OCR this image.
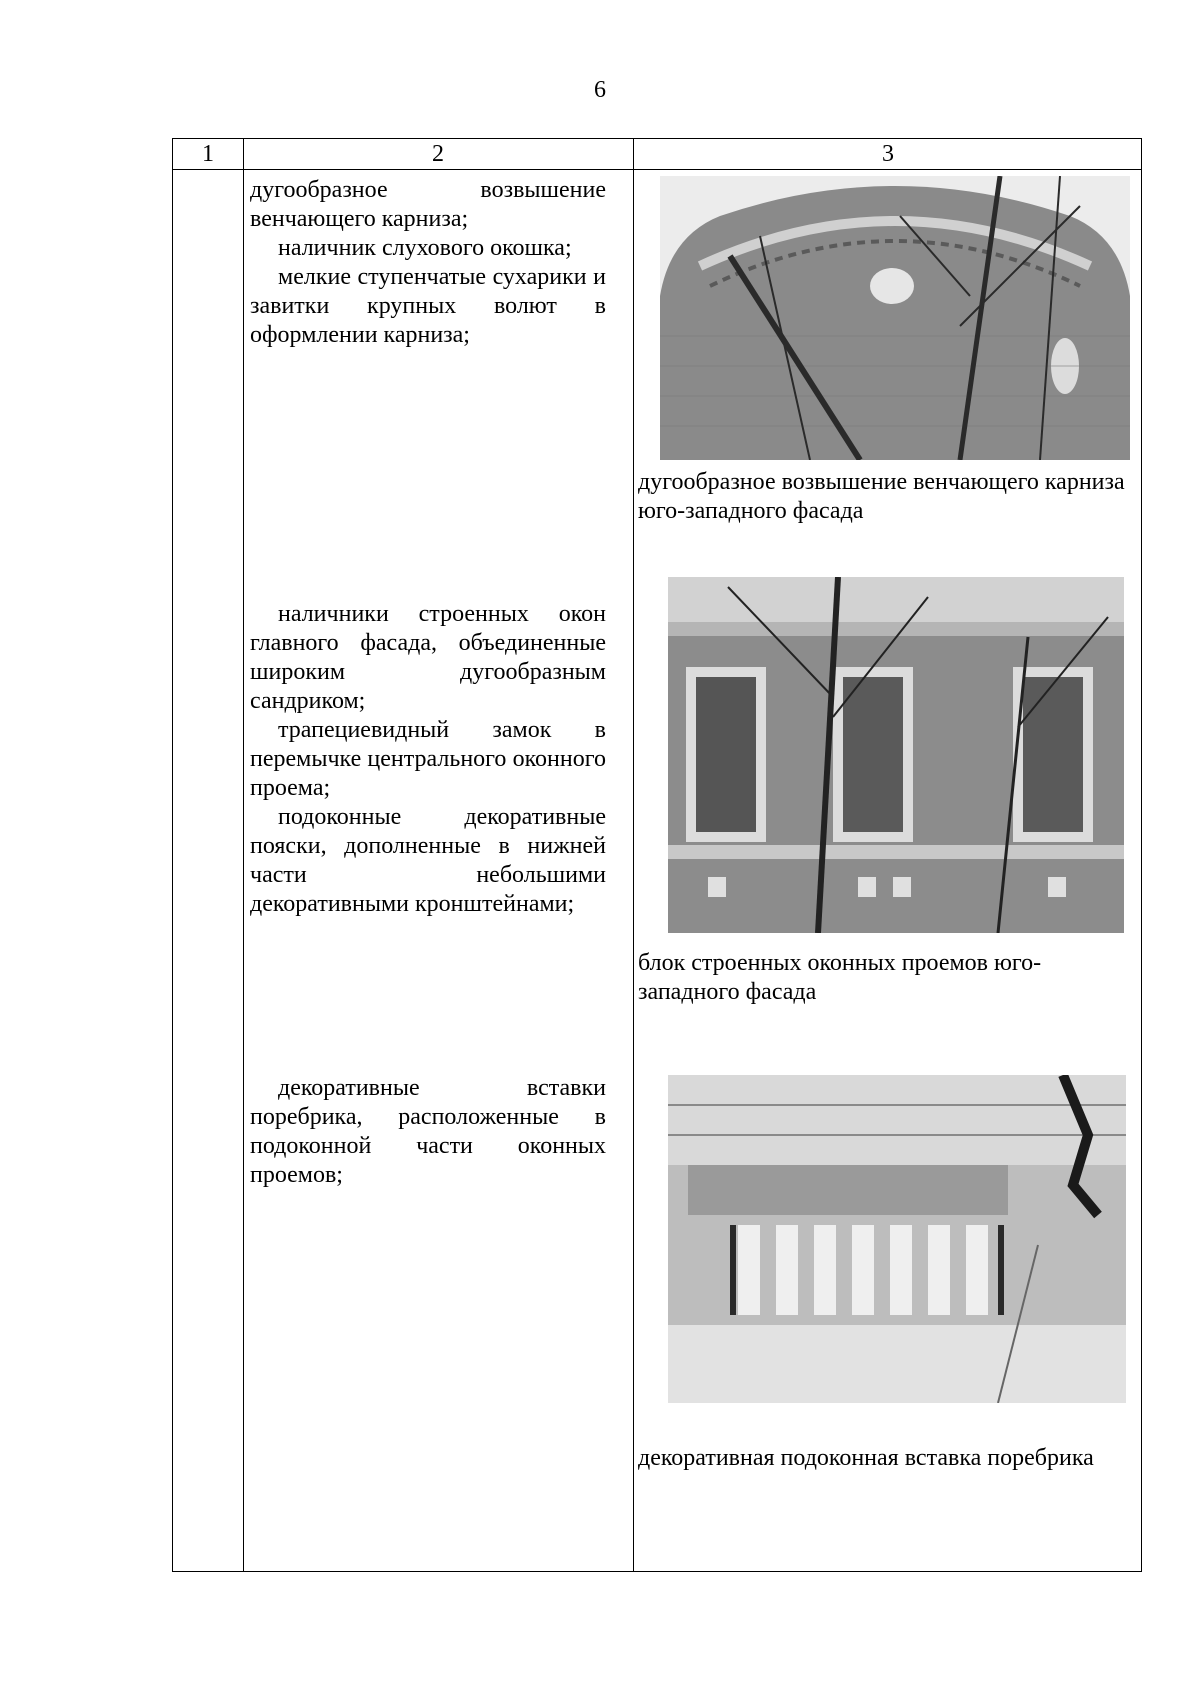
6
1	2	3

дугообразное возвышение венчающего карниза;

наличник слухового окошка;

мелкие ступенчатые сухарики и завитки крупных волют в оформлении карниза;

дугообразное возвышение венчающего карниза юго-западного фасада

наличники строенных окон главного фасада, объединенные широким дугообразным сандриком;

трапециевидный замок в перемычке центрального оконного проема;

подоконные декоративные пояски, дополненные в нижней части небольшими декоративными кронштейнами;

блок строенных оконных проемов юго-западного фасада

декоративные вставки поребрика, расположенные в подоконной части оконных проемов;

декоративная подоконная вставка поребрика
